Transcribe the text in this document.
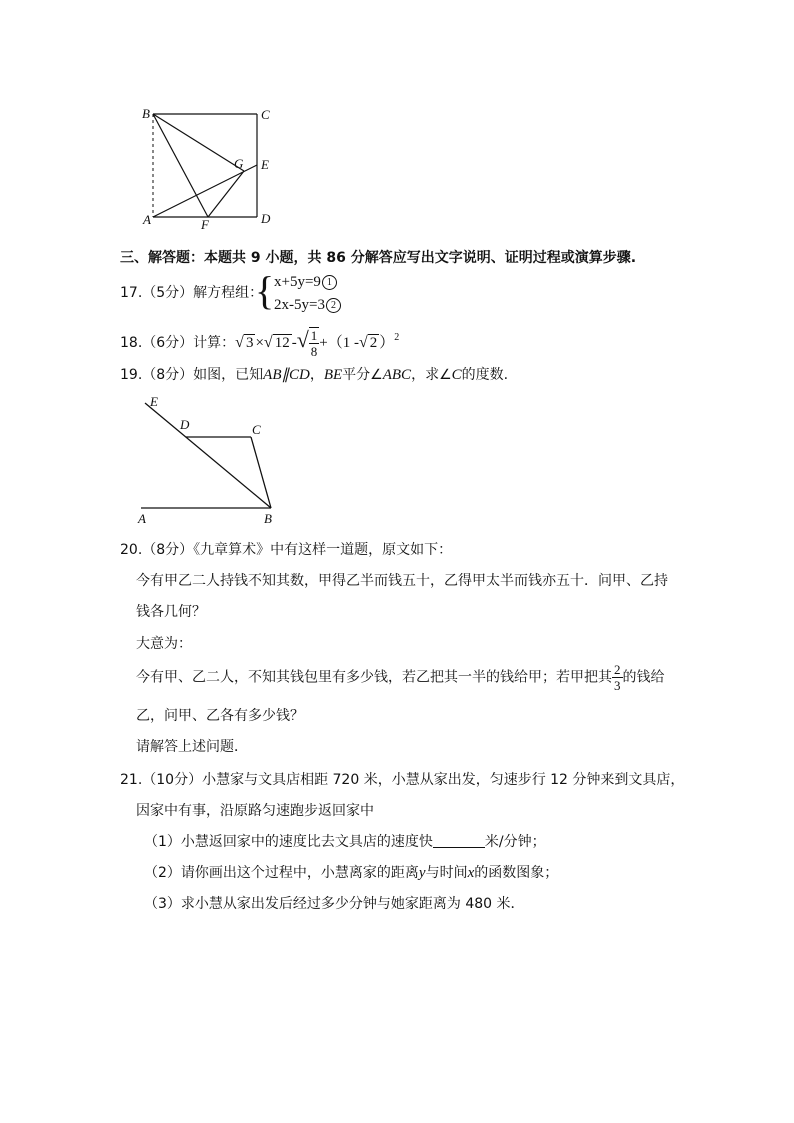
B	C
G E
A	F	D
三、解答题：本题共 9 小题，共 86 分解答应写出文字说明、证明过程或演算步骤.
17.（5分）解方程组：
{ x+5y=9 1
2x-5y=3 2
18.（6分）计算：√ 3 ×√ 12 -√ $\frac{1}{8} +(1$ -√ 2 ）$^2$
19.（8分）如图，已知AB∥CD，BE平分∠ABC，求∠C的度数.
E
D	C
A	B
20.（8分）《九章算术》中有这样一道题，原文如下：
今有甲乙二人持钱不知其数，甲得乙半而钱五十，乙得甲太半而钱亦五十．问甲、乙持
钱各几何？
大意为：
今有甲、乙二人，不知其钱包里有多少钱，若乙把其一半的钱给甲；若甲把其 $\frac{2}{3}$ 的钱给
乙，问甲、乙各有多少钱？
请解答上述问题．
21.（10分）小慧家与文具店相距 720 米，小慧从家出发，匀速步行 12 分钟来到文具店，
因家中有事，沿原路匀速跑步返回家中
（1）小慧返回家中的速度比去文具店的速度快	米/分钟；
（2）请你画出这个过程中，小慧离家的距离y与时间x的函数图象；
（3）求小慧从家出发后经过多少分钟与她家距离为 480 米．
